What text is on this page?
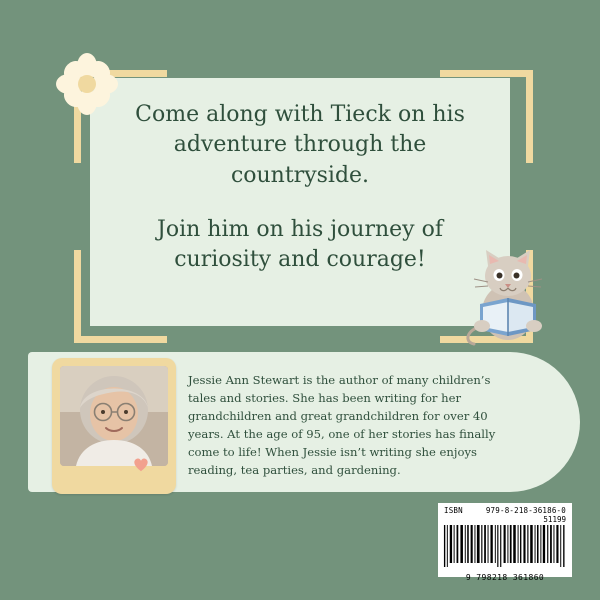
Come along with Tieck on his adventure through the countryside.
Join him on his journey of curiosity and courage!
Jessie Ann Stewart is the author of many children’s tales and stories. She has been writing for her grandchildren and great grandchildren for over 40 years. At the age of 95, one of her stories has finally come to life! When Jessie isn’t writing she enjoys reading, tea parties, and gardening.
ISBN	979-8-218-36186-0
51199
9 798218 361860
